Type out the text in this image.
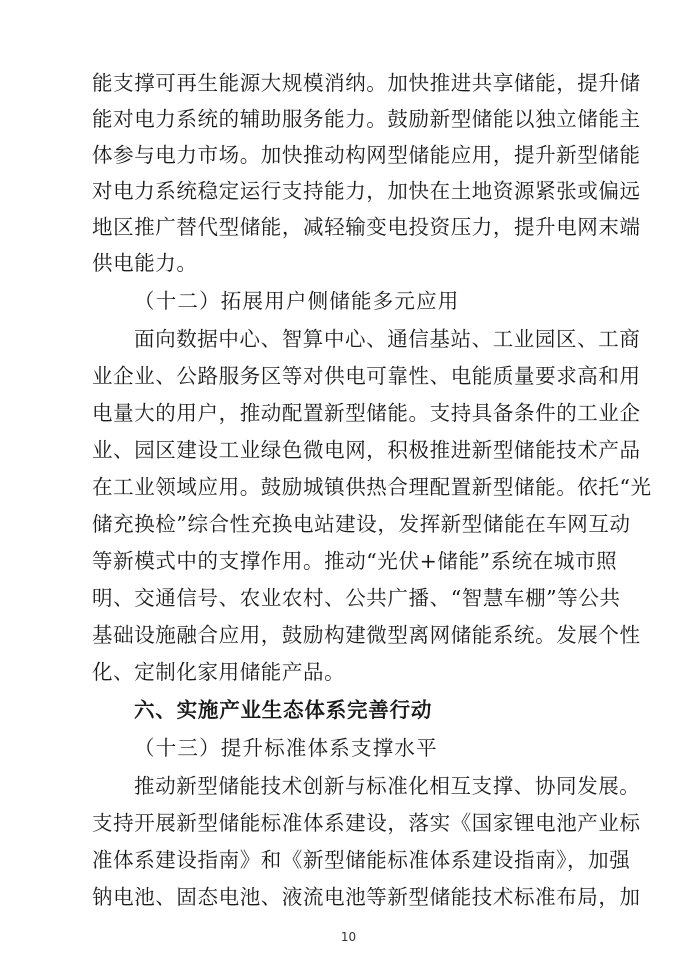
能支撑可再生能源大规模消纳。加快推进共享储能，提升储
能对电力系统的辅助服务能力。鼓励新型储能以独立储能主
体参与电力市场。加快推动构网型储能应用，提升新型储能
对电力系统稳定运行支持能力，加快在土地资源紧张或偏远
地区推广替代型储能，减轻输变电投资压力，提升电网末端
供电能力。
（十二）拓展用户侧储能多元应用
面向数据中心、智算中心、通信基站、工业园区、工商
业企业、公路服务区等对供电可靠性、电能质量要求高和用
电量大的用户，推动配置新型储能。支持具备条件的工业企
业、园区建设工业绿色微电网，积极推进新型储能技术产品
在工业领域应用。鼓励城镇供热合理配置新型储能。依托“光
储充换检”综合性充换电站建设，发挥新型储能在车网互动
等新模式中的支撑作用。推动“光伏+储能”系统在城市照
明、交通信号、农业农村、公共广播、“智慧车棚”等公共
基础设施融合应用，鼓励构建微型离网储能系统。发展个性
化、定制化家用储能产品。
六、实施产业生态体系完善行动
（十三）提升标准体系支撑水平
推动新型储能技术创新与标准化相互支撑、协同发展。
支持开展新型储能标准体系建设，落实《国家锂电池产业标
准体系建设指南》和《新型储能标准体系建设指南》，加强
钠电池、固态电池、液流电池等新型储能技术标准布局，加
10
